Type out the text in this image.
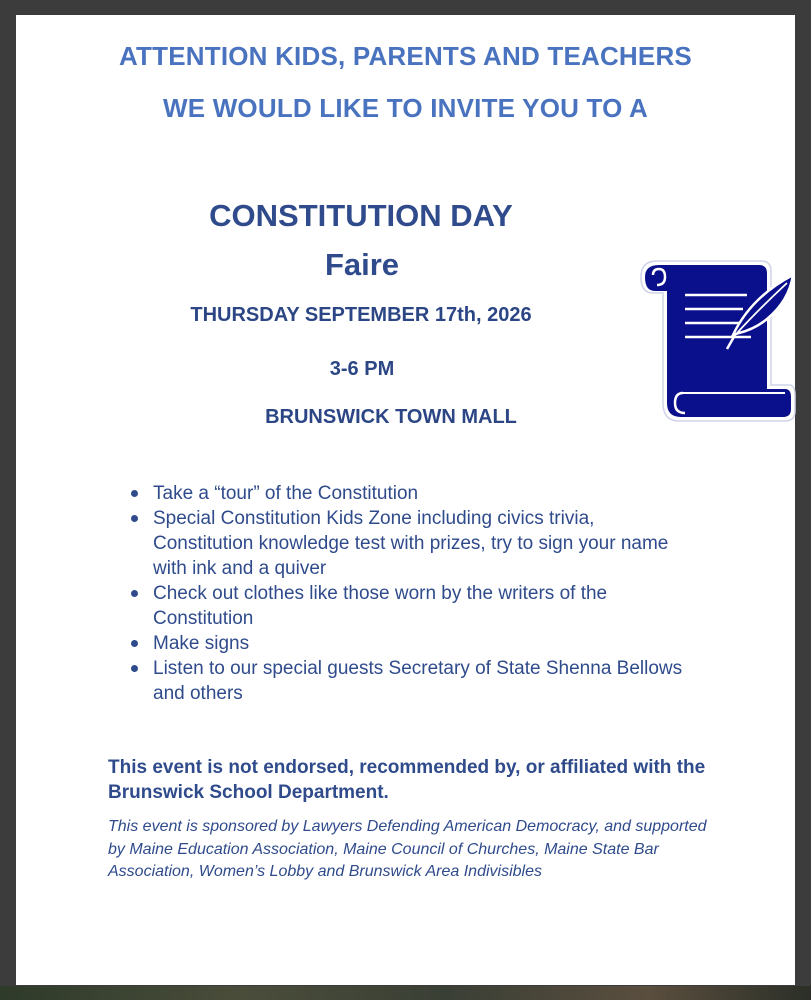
ATTENTION KIDS, PARENTS AND TEACHERS
WE WOULD LIKE TO INVITE YOU TO A
CONSTITUTION DAY
Faire
THURSDAY SEPTEMBER 17th, 2026
3-6 PM
BRUNSWICK TOWN MALL
Take a “tour” of the Constitution
Special Constitution Kids Zone including civics trivia, Constitution knowledge test with prizes, try to sign your name with ink and a quiver
Check out clothes like those worn by the writers of the Constitution
Make signs
Listen to our special guests Secretary of State Shenna Bellows and others
This event is not endorsed, recommended by, or affiliated with the Brunswick School Department.
This event is sponsored by Lawyers Defending American Democracy, and supported by Maine Education Association, Maine Council of Churches, Maine State Bar Association, Women’s Lobby and Brunswick Area Indivisibles
